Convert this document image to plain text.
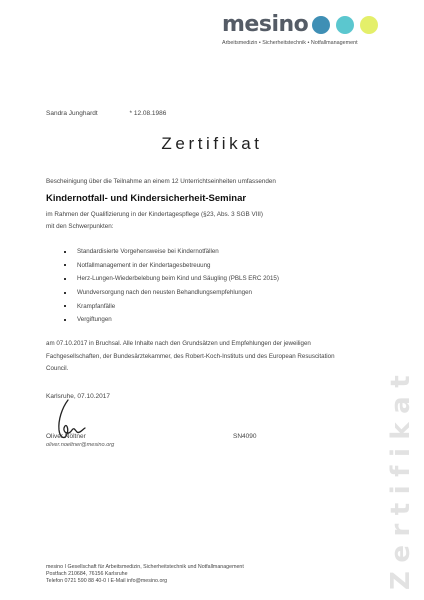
mesino
Arbeitsmedizin • Sicherheitstechnik • Notfallmanagement
Sandra Junghardt	* 12.08.1986
Zertifikat
Bescheinigung über die Teilnahme an einem 12 Unterrichtseinheiten umfassenden
Kindernotfall- und Kindersicherheit-Seminar
im Rahmen der Qualifizierung in der Kindertagespflege (§23, Abs. 3 SGB VIII)
mit den Schwerpunkten:
Standardisierte Vorgehensweise bei Kindernotfällen
Notfallmanagement in der Kindertagesbetreuung
Herz-Lungen-Wiederbelebung beim Kind und Säugling (PBLS ERC 2015)
Wundversorgung nach den neusten Behandlungsempfehlungen
Krampfanfälle
Vergiftungen
am 07.10.2017 in Bruchsal. Alle Inhalte nach den Grundsätzen und Empfehlungen der jeweiligen Fachgesellschaften, der Bundesärztekammer, des Robert-Koch-Instituts und des European Resuscitation Council.
Karlsruhe, 07.10.2017
Oliver Nöltner
oliver.noeltner@mesino.org
SN4090
mesino I Gesellschaft für Arbeitsmedizin, Sicherheitstechnik und Notfallmanagement
Postfach 210684, 76156 Karlsruhe
Telefon 0721 590 88 40-0 I E-Mail info@mesino.org	Zertifikat
